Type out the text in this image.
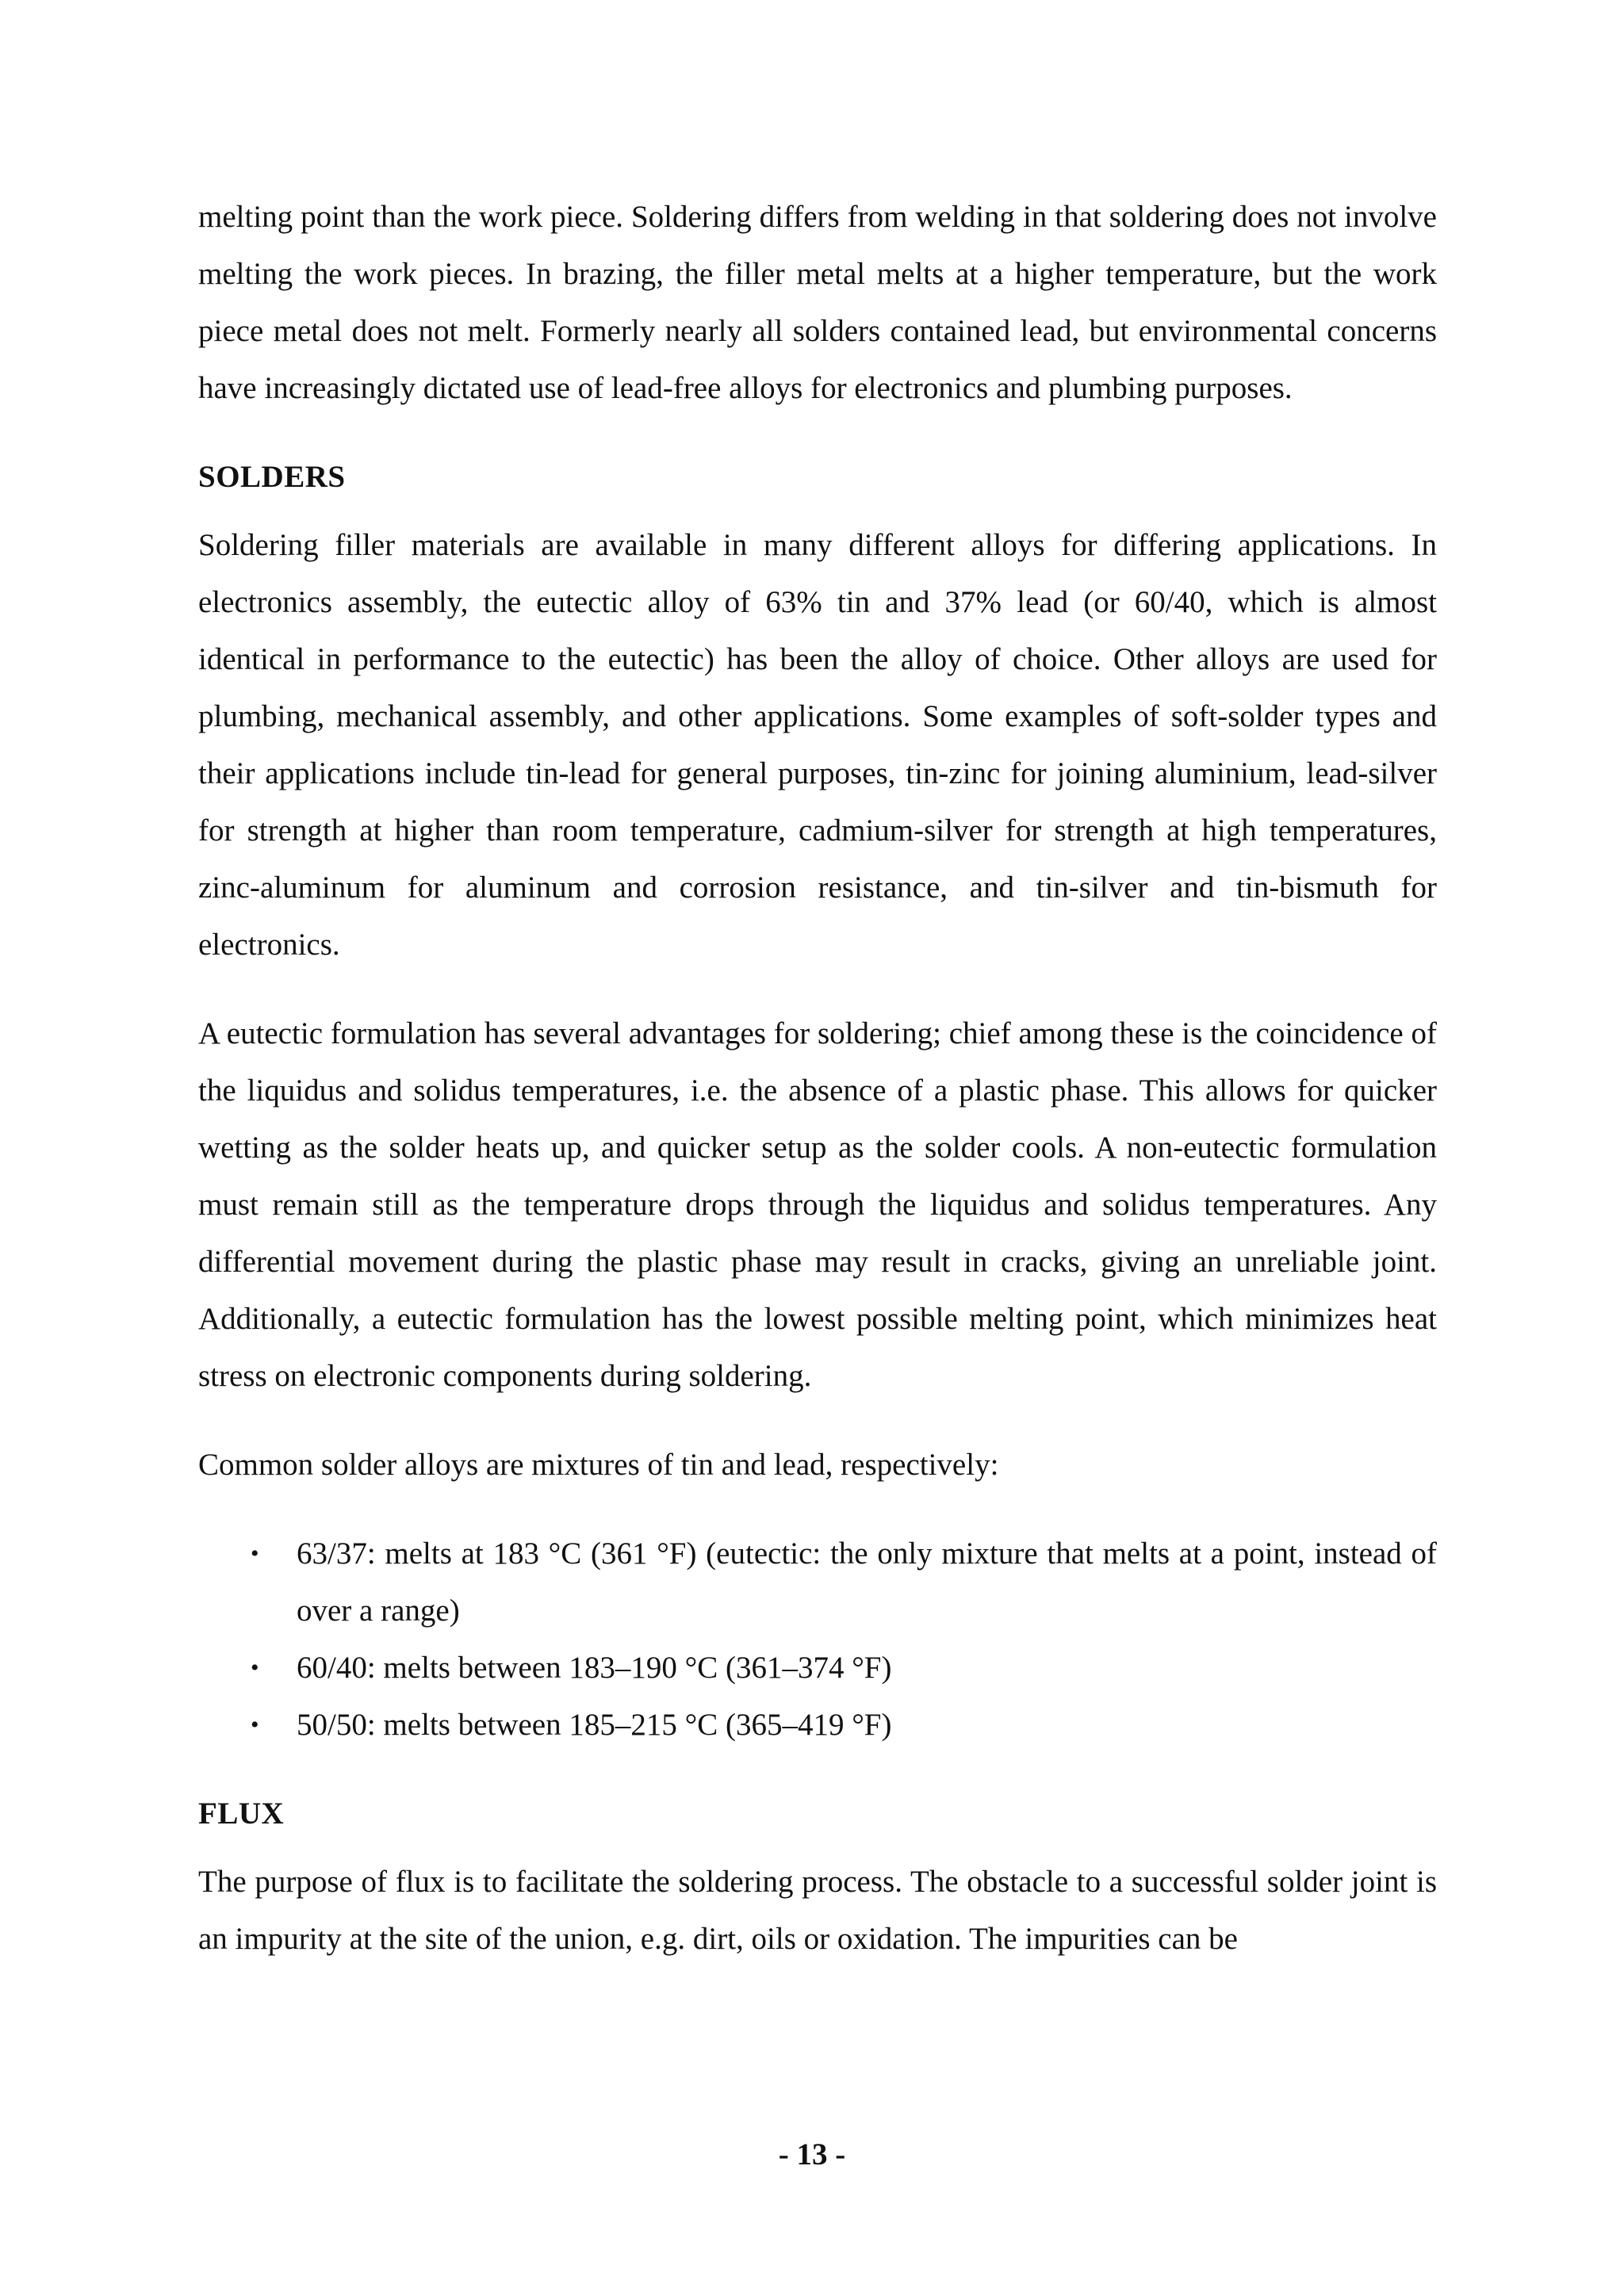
melting point than the work piece. Soldering differs from welding in that soldering does not involve melting the work pieces. In brazing, the filler metal melts at a higher temperature, but the work piece metal does not melt. Formerly nearly all solders contained lead, but environmental concerns have increasingly dictated use of lead-free alloys for electronics and plumbing purposes.

SOLDERS

Soldering filler materials are available in many different alloys for differing applications. In electronics assembly, the eutectic alloy of 63% tin and 37% lead (or 60/40, which is almost identical in performance to the eutectic) has been the alloy of choice. Other alloys are used for plumbing, mechanical assembly, and other applications. Some examples of soft-solder types and their applications include tin-lead for general purposes, tin-zinc for joining aluminium, lead-silver for strength at higher than room temperature, cadmium-silver for strength at high temperatures, zinc-aluminum for aluminum and corrosion resistance, and tin-silver and tin-bismuth for electronics.

A eutectic formulation has several advantages for soldering; chief among these is the coincidence of the liquidus and solidus temperatures, i.e. the absence of a plastic phase. This allows for quicker wetting as the solder heats up, and quicker setup as the solder cools. A non-eutectic formulation must remain still as the temperature drops through the liquidus and solidus temperatures. Any differential movement during the plastic phase may result in cracks, giving an unreliable joint. Additionally, a eutectic formulation has the lowest possible melting point, which minimizes heat stress on electronic components during soldering.

Common solder alloys are mixtures of tin and lead, respectively:

• 63/37: melts at 183 °C (361 °F) (eutectic: the only mixture that melts at a point, instead of over a range)
• 60/40: melts between 183–190 °C (361–374 °F)
• 50/50: melts between 185–215 °C (365–419 °F)
FLUX

The purpose of flux is to facilitate the soldering process. The obstacle to a successful solder joint is an impurity at the site of the union, e.g. dirt, oils or oxidation. The impurities can be

- 13 -
